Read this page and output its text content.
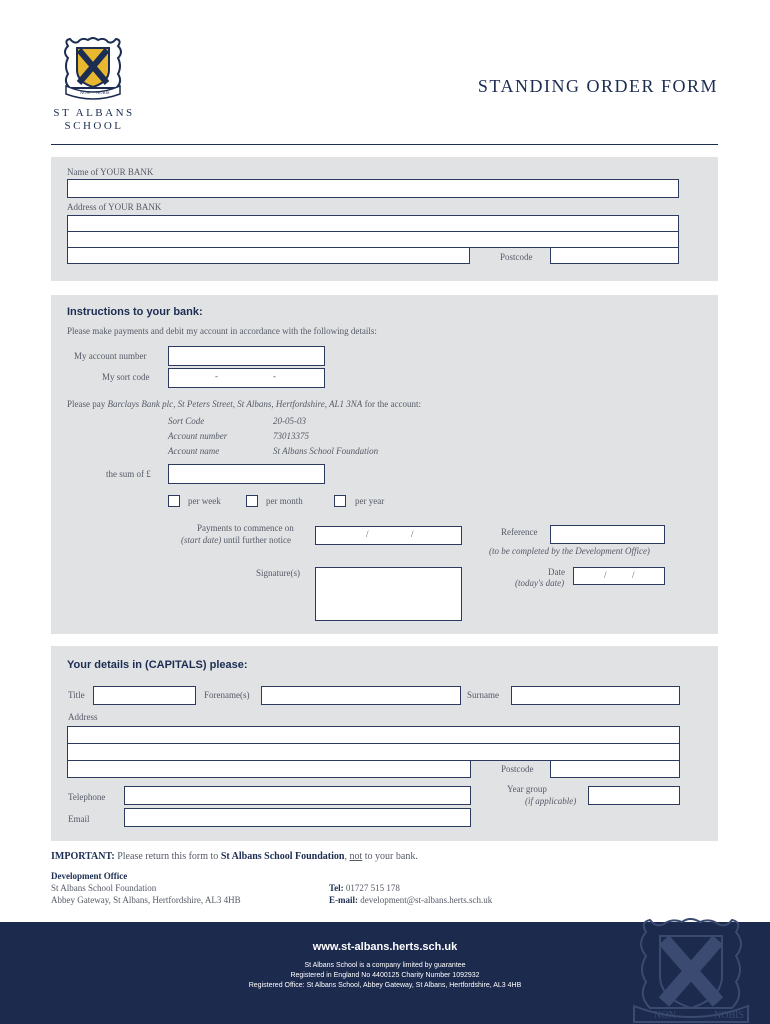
NON NOBIS
ST ALBANS
SCHOOL
STANDING ORDER FORM
Name of YOUR BANK
Address of YOUR BANK
Postcode
Instructions to your bank:
Please make payments and debit my account in accordance with the following details:
My account number
My sort code	-	-
Please pay Barclays Bank plc, St Peters Street, St Albans, Hertfordshire, AL1 3NA for the account:
Sort Code	20-05-03
Account number	73013375
Account name	St Albans School Foundation
the sum of £
per week	per month	per year
Payments to commence on
(start date) until further notice
/	/	Reference
(to be completed by the Development Office)
Signature(s)	Date
(today's date)
/	/
Your details in (CAPITALS) please:
Title	Forename(s)	Surname
Address
Postcode
Telephone
Year group
(if applicable)
Email
IMPORTANT: Please return this form to St Albans School Foundation, not to your bank.
Development Office
St Albans School Foundation
Abbey Gateway, St Albans, Hertfordshire, AL3 4HB
Tel: 01727 515 178
E-mail: development@st-albans.herts.sch.uk
NON	NOBIS
www.st-albans.herts.sch.uk
St Albans School is a company limited by guarantee
Registered in England No 4400125 Charity Number 1092932
Registered Office: St Albans School, Abbey Gateway, St Albans, Hertfordshire, AL3 4HB
